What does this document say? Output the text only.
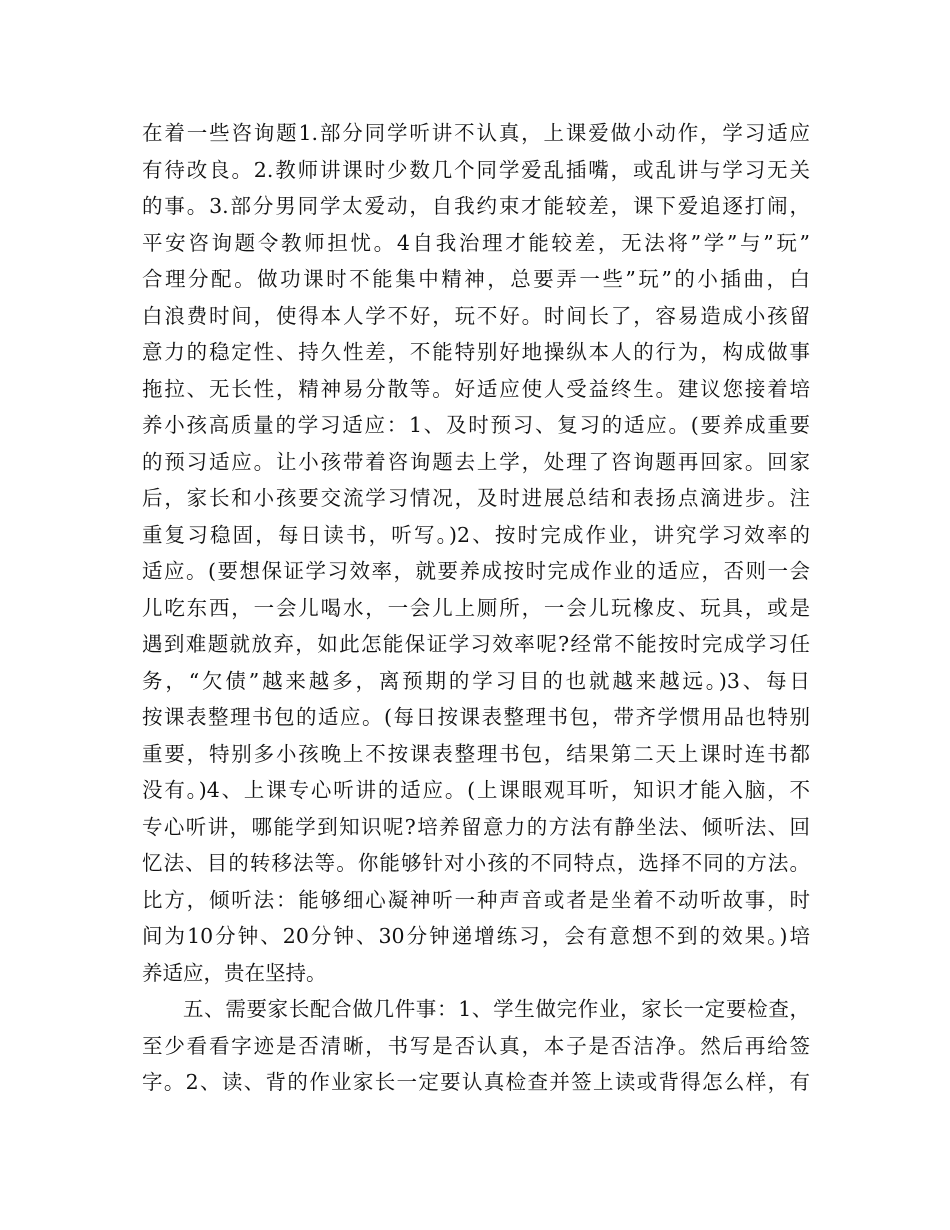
在着一些咨询题1.部分同学听讲不认真，上课爱做小动作，学习适应
有待改良。2.教师讲课时少数几个同学爱乱插嘴，或乱讲与学习无关
的事。3.部分男同学太爱动，自我约束才能较差，课下爱追逐打闹，
平安咨询题令教师担忧。4自我治理才能较差，无法将”学”与”玩”
合理分配。做功课时不能集中精神，总要弄一些”玩”的小插曲，白
白浪费时间，使得本人学不好，玩不好。时间长了，容易造成小孩留
意力的稳定性、持久性差，不能特别好地操纵本人的行为，构成做事
拖拉、无长性，精神易分散等。好适应使人受益终生。建议您接着培
养小孩高质量的学习适应：1、及时预习、复习的适应。(要养成重要
的预习适应。让小孩带着咨询题去上学，处理了咨询题再回家。回家
后，家长和小孩要交流学习情况，及时进展总结和表扬点滴进步。注
重复习稳固，每日读书，听写。)2、按时完成作业，讲究学习效率的
适应。(要想保证学习效率，就要养成按时完成作业的适应，否则一会
儿吃东西，一会儿喝水，一会儿上厕所，一会儿玩橡皮、玩具，或是
遇到难题就放弃，如此怎能保证学习效率呢?经常不能按时完成学习任
务，“欠债”越来越多，离预期的学习目的也就越来越远。)3、每日
按课表整理书包的适应。(每日按课表整理书包，带齐学惯用品也特别
重要，特别多小孩晚上不按课表整理书包，结果第二天上课时连书都
没有。)4、上课专心听讲的适应。(上课眼观耳听，知识才能入脑，不
专心听讲，哪能学到知识呢?培养留意力的方法有静坐法、倾听法、回
忆法、目的转移法等。你能够针对小孩的不同特点，选择不同的方法。
比方，倾听法：能够细心凝神听一种声音或者是坐着不动听故事，时
间为10分钟、20分钟、30分钟递增练习，会有意想不到的效果。)培
养适应，贵在坚持。
五、需要家长配合做几件事：1、学生做完作业，家长一定要检查，
至少看看字迹是否清晰，书写是否认真，本子是否洁净。然后再给签
字。2、读、背的作业家长一定要认真检查并签上读或背得怎么样，有
